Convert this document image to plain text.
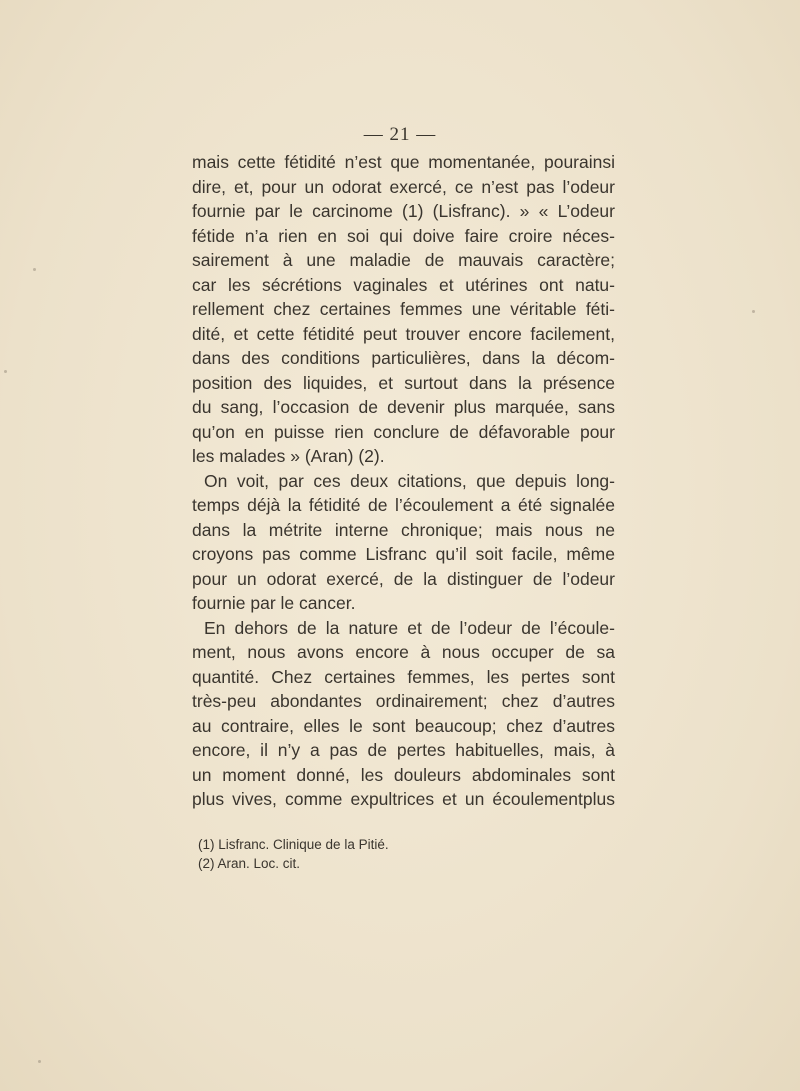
— 21 —
mais cette fétidité n’est que momentanée, pourainsi
dire, et, pour un odorat exercé, ce n’est pas l’odeur
fournie par le carcinome (1) (Lisfranc). » « L’odeur
fétide n’a rien en soi qui doive faire croire néces-
sairement à une maladie de mauvais caractère;
car les sécrétions vaginales et utérines ont natu-
rellement chez certaines femmes une véritable féti-
dité, et cette fétidité peut trouver encore facilement,
dans des conditions particulières, dans la décom-
position des liquides, et surtout dans la présence
du sang, l’occasion de devenir plus marquée, sans
qu’on en puisse rien conclure de défavorable pour
les malades » (Aran) (2).
On voit, par ces deux citations, que depuis long-
temps déjà la fétidité de l’écoulement a été signalée
dans la métrite interne chronique; mais nous ne
croyons pas comme Lisfranc qu’il soit facile, même
pour un odorat exercé, de la distinguer de l’odeur
fournie par le cancer.
En dehors de la nature et de l’odeur de l’écoule-
ment, nous avons encore à nous occuper de sa
quantité. Chez certaines femmes, les pertes sont
très-peu abondantes ordinairement; chez d’autres
au contraire, elles le sont beaucoup; chez d’autres
encore, il n’y a pas de pertes habituelles, mais, à
un moment donné, les douleurs abdominales sont
plus vives, comme expultrices et un écoulementplus
(1) Lisfranc. Clinique de la Pitié.
(2) Aran. Loc. cit.
